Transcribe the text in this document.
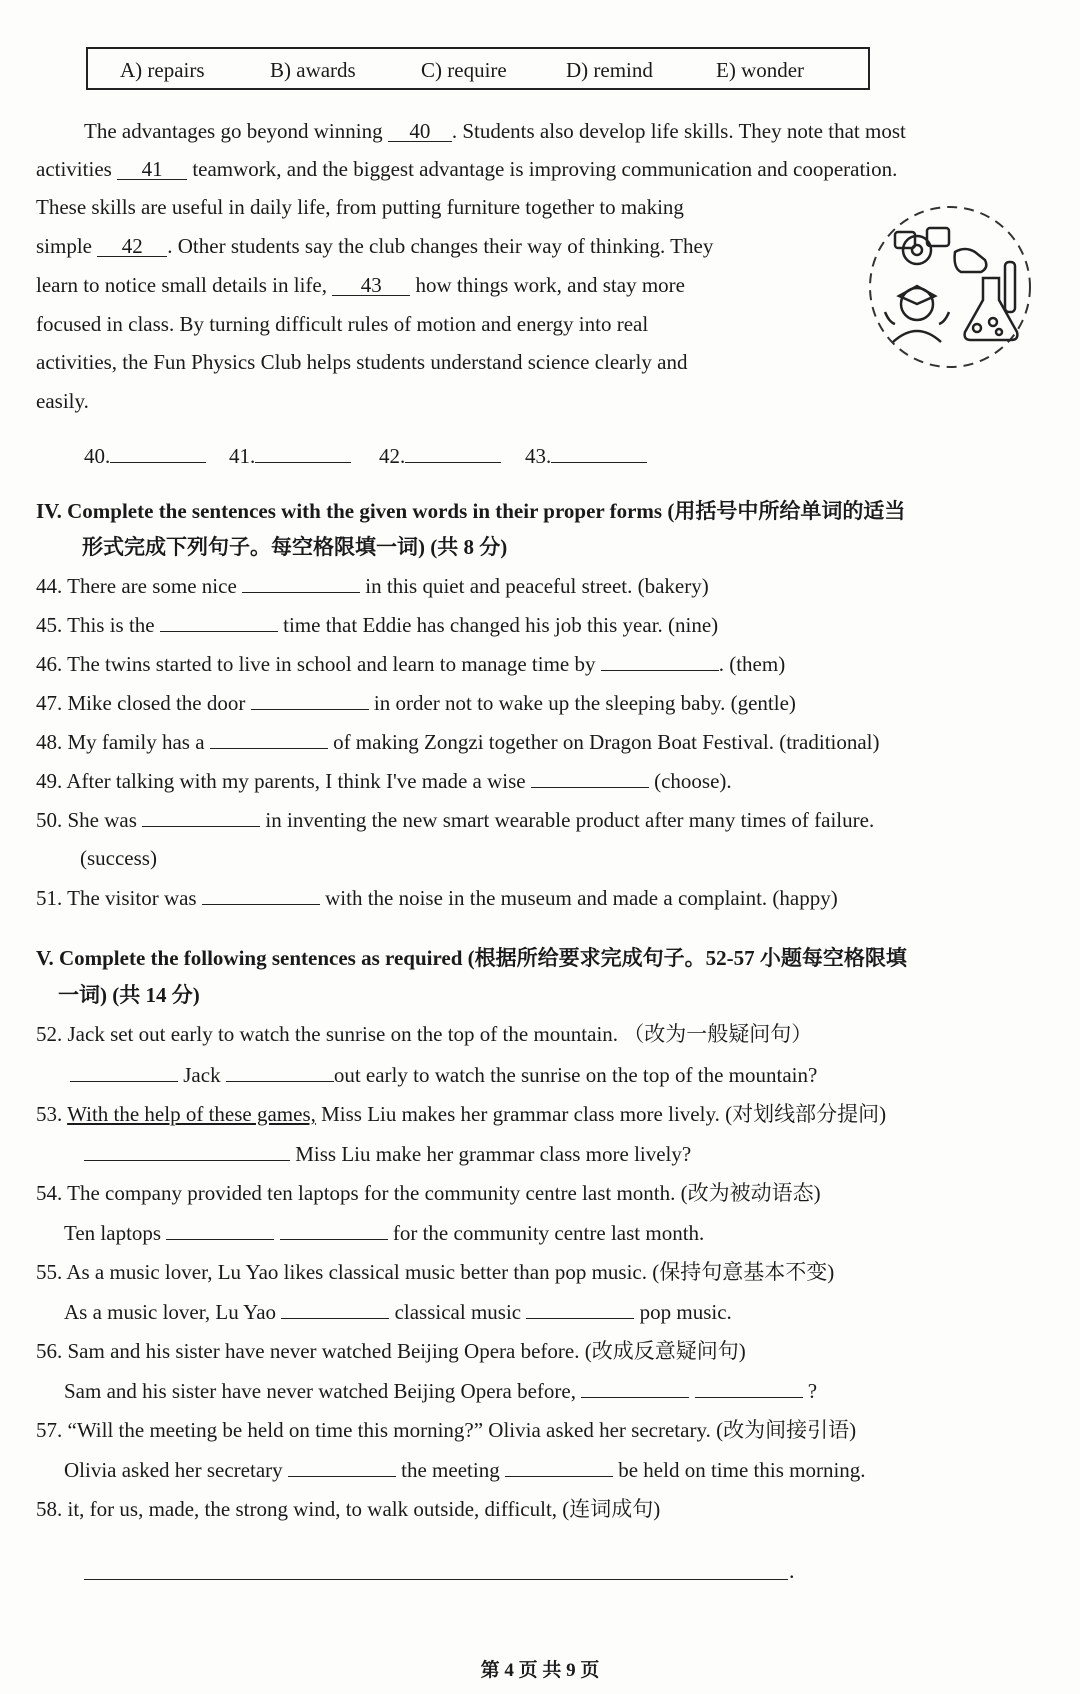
A) repairs	B) awards	C) require	D) remind	E) wonder
The advantages go beyond winning 40 . Students also develop life skills. They note that most
activities 41 teamwork, and the biggest advantage is improving communication and cooperation.
These skills are useful in daily life, from putting furniture together to making
simple 42 . Other students say the club changes their way of thinking. They
learn to notice small details in life, 43 how things work, and stay more
focused in class. By turning difficult rules of motion and energy into real
activities, the Fun Physics Club helps students understand science clearly and
easily.
40.	41.	42.	43.
IV. Complete the sentences with the given words in their proper forms (用括号中所给单词的适当
形式完成下列句子。每空格限填一词) (共 8 分)
44. There are some nice	in this quiet and peaceful street. (bakery)
45. This is the	time that Eddie has changed his job this year. (nine)
46. The twins started to live in school and learn to manage time by	. (them)
47. Mike closed the door	in order not to wake up the sleeping baby. (gentle)
48. My family has a	of making Zongzi together on Dragon Boat Festival. (traditional)
49. After talking with my parents, I think I've made a wise	(choose).
50. She was	in inventing the new smart wearable product after many times of failure.
(success)
51. The visitor was	with the noise in the museum and made a complaint. (happy)
V. Complete the following sentences as required (根据所给要求完成句子。52-57 小题每空格限填
一词) (共 14 分)
52. Jack set out early to watch the sunrise on the top of the mountain. （改为一般疑问句）
Jack	out early to watch the sunrise on the top of the mountain?
53. With the help of these games, Miss Liu makes her grammar class more lively. (对划线部分提问)
Miss Liu make her grammar class more lively?
54. The company provided ten laptops for the community centre last month. (改为被动语态)
Ten laptops	for the community centre last month.
55. As a music lover, Lu Yao likes classical music better than pop music. (保持句意基本不变)
As a music lover, Lu Yao	classical music	pop music.
56. Sam and his sister have never watched Beijing Opera before. (改成反意疑问句)
Sam and his sister have never watched Beijing Opera before,	?
57. “Will the meeting be held on time this morning?” Olivia asked her secretary. (改为间接引语)
Olivia asked her secretary	the meeting	be held on time this morning.
58. it, for us, made, the strong wind, to walk outside, difficult, (连词成句)
.
第 4 页 共 9 页
